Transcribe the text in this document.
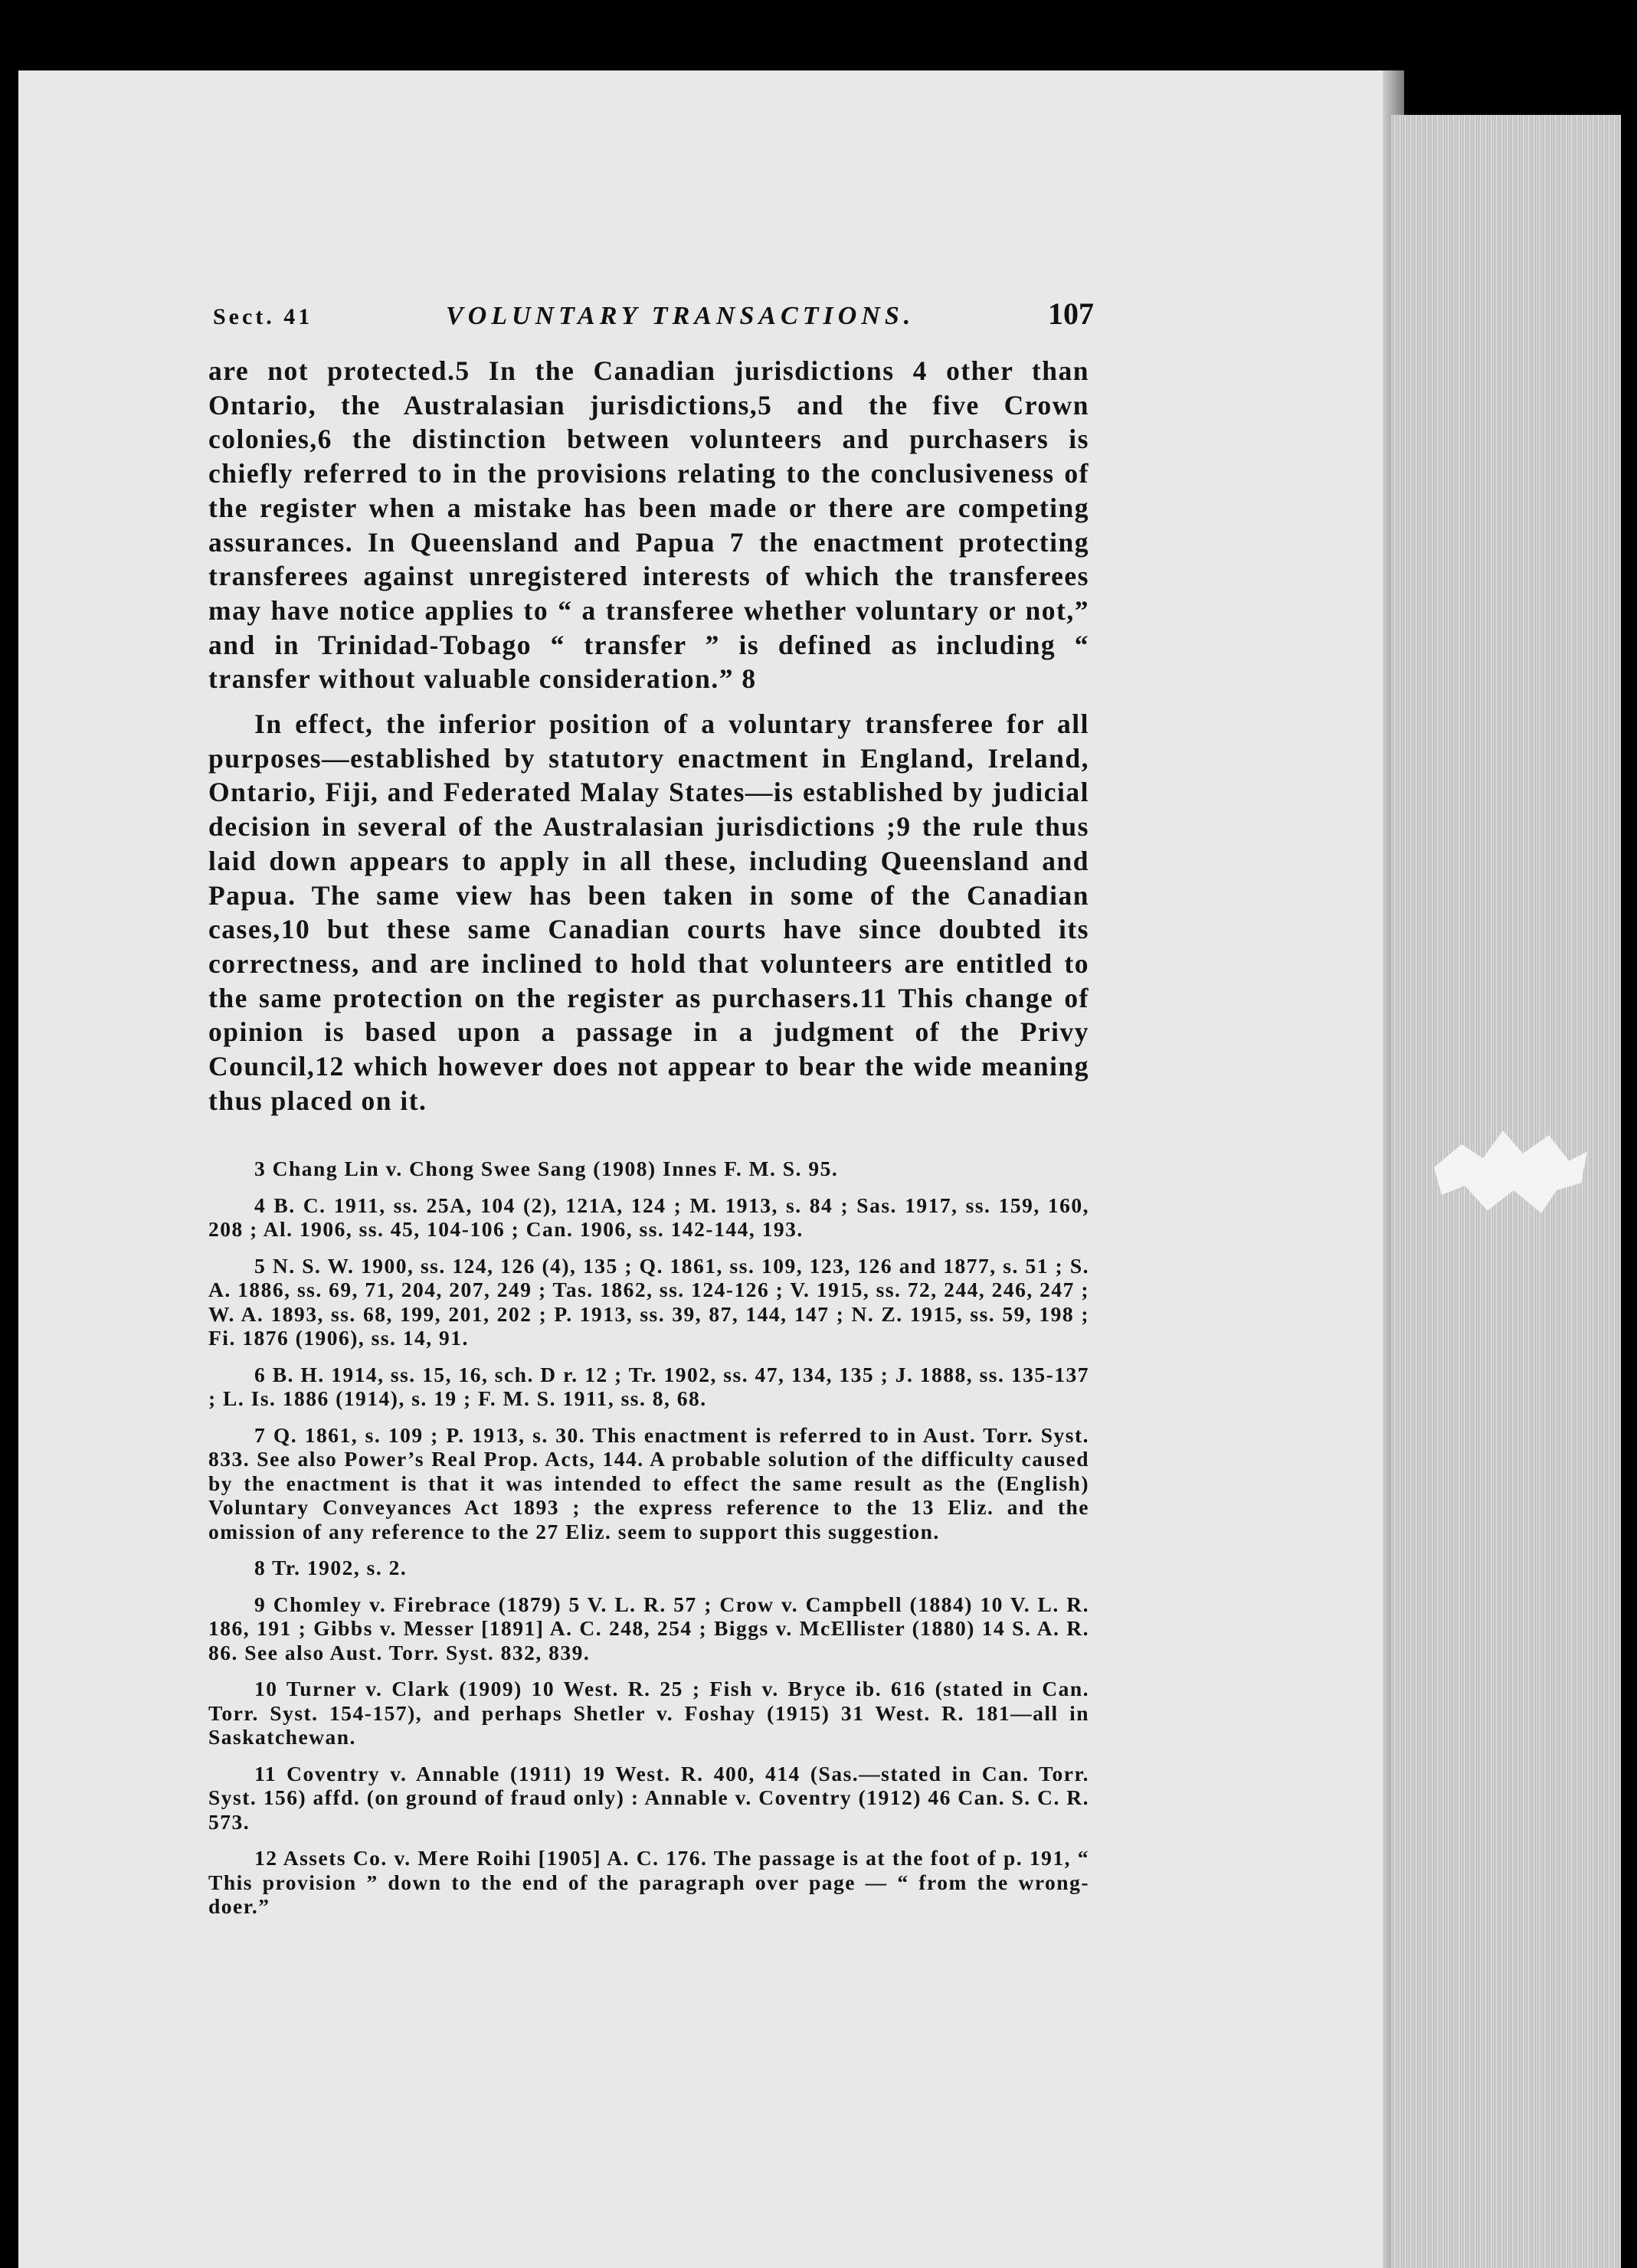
Sect. 41	VOLUNTARY TRANSACTIONS.	107

are not protected.5 In the Canadian jurisdictions 4 other than Ontario, the Australasian jurisdictions,5 and the five Crown colonies,6 the distinction between volunteers and purchasers is chiefly referred to in the provisions relating to the conclusiveness of the register when a mistake has been made or there are competing assurances. In Queensland and Papua 7 the enactment protecting transferees against unregistered interests of which the transferees may have notice applies to “ a transferee whether voluntary or not,” and in Trinidad-Tobago “ transfer ” is defined as including “ transfer without valuable consideration.” 8

In effect, the inferior position of a voluntary transferee for all purposes—established by statutory enactment in England, Ireland, Ontario, Fiji, and Federated Malay States—is established by judicial decision in several of the Australasian jurisdictions ;9 the rule thus laid down appears to apply in all these, including Queensland and Papua. The same view has been taken in some of the Canadian cases,10 but these same Canadian courts have since doubted its correctness, and are inclined to hold that volunteers are entitled to the same protection on the register as purchasers.11 This change of opinion is based upon a passage in a judgment of the Privy Council,12 which however does not appear to bear the wide meaning thus placed on it.

3 Chang Lin v. Chong Swee Sang (1908) Innes F. M. S. 95.

4 B. C. 1911, ss. 25A, 104 (2), 121A, 124 ; M. 1913, s. 84 ; Sas. 1917, ss. 159, 160, 208 ; Al. 1906, ss. 45, 104-106 ; Can. 1906, ss. 142-144, 193.

5 N. S. W. 1900, ss. 124, 126 (4), 135 ; Q. 1861, ss. 109, 123, 126 and 1877, s. 51 ; S. A. 1886, ss. 69, 71, 204, 207, 249 ; Tas. 1862, ss. 124-126 ; V. 1915, ss. 72, 244, 246, 247 ; W. A. 1893, ss. 68, 199, 201, 202 ; P. 1913, ss. 39, 87, 144, 147 ; N. Z. 1915, ss. 59, 198 ; Fi. 1876 (1906), ss. 14, 91.

6 B. H. 1914, ss. 15, 16, sch. D r. 12 ; Tr. 1902, ss. 47, 134, 135 ; J. 1888, ss. 135-137 ; L. Is. 1886 (1914), s. 19 ; F. M. S. 1911, ss. 8, 68.

7 Q. 1861, s. 109 ; P. 1913, s. 30. This enactment is referred to in Aust. Torr. Syst. 833. See also Power’s Real Prop. Acts, 144. A probable solution of the difficulty caused by the enactment is that it was intended to effect the same result as the (English) Voluntary Conveyances Act 1893 ; the express reference to the 13 Eliz. and the omission of any reference to the 27 Eliz. seem to support this suggestion.

8 Tr. 1902, s. 2.

9 Chomley v. Firebrace (1879) 5 V. L. R. 57 ; Crow v. Campbell (1884) 10 V. L. R. 186, 191 ; Gibbs v. Messer [1891] A. C. 248, 254 ; Biggs v. McEllister (1880) 14 S. A. R. 86. See also Aust. Torr. Syst. 832, 839.

10 Turner v. Clark (1909) 10 West. R. 25 ; Fish v. Bryce ib. 616 (stated in Can. Torr. Syst. 154-157), and perhaps Shetler v. Foshay (1915) 31 West. R. 181—all in Saskatchewan.

11 Coventry v. Annable (1911) 19 West. R. 400, 414 (Sas.—stated in Can. Torr. Syst. 156) affd. (on ground of fraud only) : Annable v. Coventry (1912) 46 Can. S. C. R. 573.

12 Assets Co. v. Mere Roihi [1905] A. C. 176. The passage is at the foot of p. 191, “ This provision ” down to the end of the paragraph over page — “ from the wrong-doer.”
